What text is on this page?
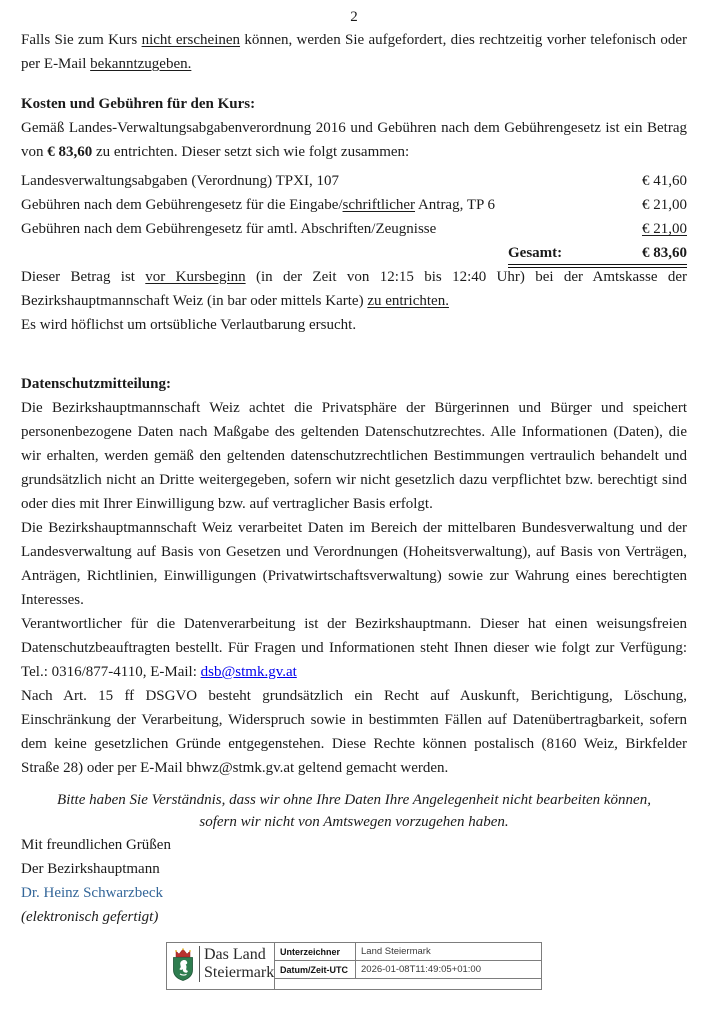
2

Falls Sie zum Kurs nicht erscheinen können, werden Sie aufgefordert, dies rechtzeitig vorher telefonisch oder per E-Mail bekanntzugeben.

Kosten und Gebühren für den Kurs:

Gemäß Landes-Verwaltungsabgabenverordnung 2016 und Gebühren nach dem Gebührengesetz ist ein Betrag von € 83,60 zu entrichten. Dieser setzt sich wie folgt zusammen:

Landesverwaltungsabgaben (Verordnung) TPXI, 107	€ 41,60
Gebühren nach dem Gebührengesetz für die Eingabe/schriftlicher Antrag, TP 6	€ 21,00
Gebühren nach dem Gebührengesetz für amtl. Abschriften/Zeugnisse	€ 21,00
Gesamt:	€ 83,60

Dieser Betrag ist vor Kursbeginn (in der Zeit von 12:15 bis 12:40 Uhr) bei der Amtskasse der Bezirkshauptmannschaft Weiz (in bar oder mittels Karte) zu entrichten.

Es wird höflichst um ortsübliche Verlautbarung ersucht.

Datenschutzmitteilung:

Die Bezirkshauptmannschaft Weiz achtet die Privatsphäre der Bürgerinnen und Bürger und speichert personenbezogene Daten nach Maßgabe des geltenden Datenschutzrechtes. Alle Informationen (Daten), die wir erhalten, werden gemäß den geltenden datenschutzrechtlichen Bestimmungen vertraulich behandelt und grundsätzlich nicht an Dritte weitergegeben, sofern wir nicht gesetzlich dazu verpflichtet bzw. berechtigt sind oder dies mit Ihrer Einwilligung bzw. auf vertraglicher Basis erfolgt.

Die Bezirkshauptmannschaft Weiz verarbeitet Daten im Bereich der mittelbaren Bundesverwaltung und der Landesverwaltung auf Basis von Gesetzen und Verordnungen (Hoheitsverwaltung), auf Basis von Verträgen, Anträgen, Richtlinien, Einwilligungen (Privatwirtschaftsverwaltung) sowie zur Wahrung eines berechtigten Interesses.

Verantwortlicher für die Datenverarbeitung ist der Bezirkshauptmann. Dieser hat einen weisungsfreien Datenschutzbeauftragten bestellt. Für Fragen und Informationen steht Ihnen dieser wie folgt zur Verfügung: Tel.: 0316/877-4110, E-Mail: dsb@stmk.gv.at

Nach Art. 15 ff DSGVO besteht grundsätzlich ein Recht auf Auskunft, Berichtigung, Löschung, Einschränkung der Verarbeitung, Widerspruch sowie in bestimmten Fällen auf Datenübertragbarkeit, sofern dem keine gesetzlichen Gründe entgegenstehen. Diese Rechte können postalisch (8160 Weiz, Birkfelder Straße 28) oder per E-Mail bhwz@stmk.gv.at geltend gemacht werden.

Bitte haben Sie Verständnis, dass wir ohne Ihre Daten Ihre Angelegenheit nicht bearbeiten können, sofern wir nicht von Amtswegen vorzugehen haben.

Mit freundlichen Grüßen

Der Bezirkshauptmann

Dr. Heinz Schwarzbeck

(elektronisch gefertigt)

Das Land
Steiermark
Unterzeichner	Land Steiermark
Datum/Zeit-UTC	2026-01-08T11:49:05+01:00
